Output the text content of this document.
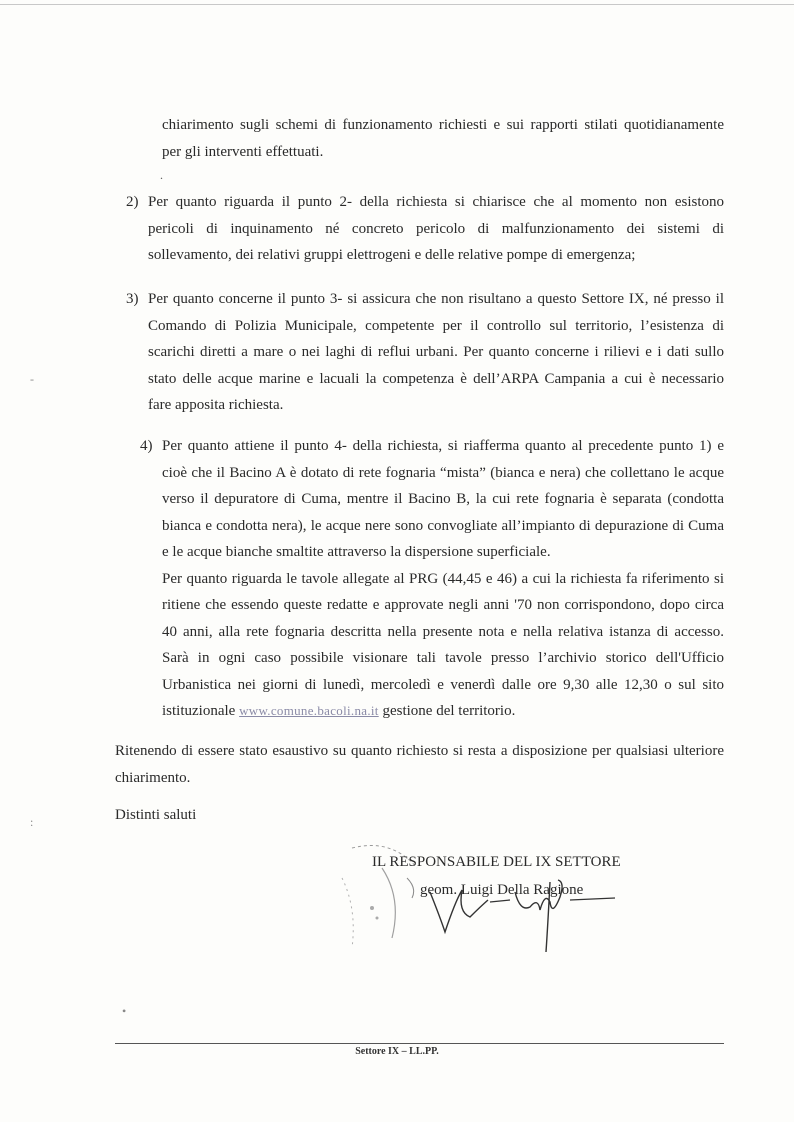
chiarimento sugli schemi di funzionamento richiesti e sui rapporti stilati quotidianamente
per gli interventi effettuati.
.
2) Per quanto riguarda il punto 2- della richiesta si chiarisce che al momento non esistono
pericoli di inquinamento né concreto pericolo di malfunzionamento dei sistemi di
sollevamento, dei relativi gruppi elettrogeni e delle relative pompe di emergenza;
3) Per quanto concerne il punto 3- si assicura che non risultano a questo Settore IX, né presso il
Comando di Polizia Municipale, competente per il controllo sul territorio, l’esistenza di
scarichi diretti a mare o nei laghi di reflui urbani. Per quanto concerne i rilievi e i dati sullo
stato delle acque marine e lacuali la competenza è dell’ARPA Campania a cui è necessario
fare apposita richiesta.
4) Per quanto attiene il punto 4- della richiesta, si riafferma quanto al precedente punto 1) e
cioè che il Bacino A è dotato di rete fognaria “mista” (bianca e nera) che collettano le acque
verso il depuratore di Cuma, mentre il Bacino B, la cui rete fognaria è separata (condotta
bianca e condotta nera), le acque nere sono convogliate all’impianto di depurazione di Cuma
e le acque bianche smaltite attraverso la dispersione superficiale.
Per quanto riguarda le tavole allegate al PRG (44,45 e 46) a cui la richiesta fa riferimento si
ritiene che essendo queste redatte e approvate negli anni '70 non corrispondono, dopo circa
40 anni, alla rete fognaria descritta nella presente nota e nella relativa istanza di accesso.
Sarà in ogni caso possibile visionare tali tavole presso l’archivio storico dell'Ufficio
Urbanistica nei giorni di lunedì, mercoledì e venerdì dalle ore 9,30 alle 12,30 o sul sito
istituzionale www.comune.bacoli.na.it gestione del territorio.
Ritenendo di essere stato esaustivo su quanto richiesto si resta a disposizione per qualsiasi ulteriore
chiarimento.
Distinti saluti
IL RESPONSABILE DEL IX SETTORE
geom. Luigi Della Ragione
-
:
•
Settore IX – LL.PP.
